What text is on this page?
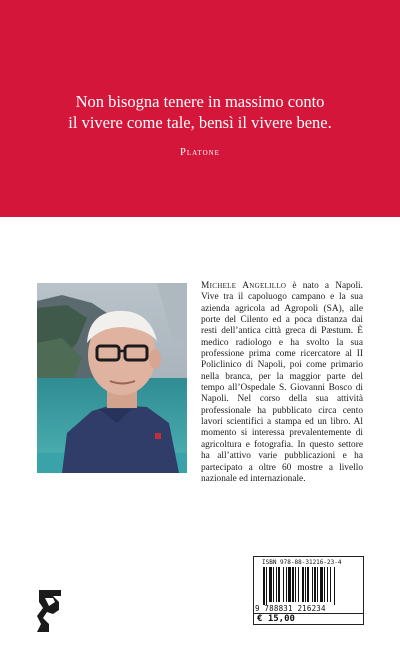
Non bisogna tenere in massimo conto
il vivere come tale, bensì il vivere bene.
Platone
Michele Angelillo è nato a Napoli. Vive tra il capoluogo campano e la sua azienda agricola ad Agropoli (SA), alle porte del Cilento ed a poca distanza dai resti dell’antica città greca di Pæstum. È medico radiologo e ha svolto la sua professione prima come ricercatore al II Policlinico di Napoli, poi come primario nella branca, per la maggior parte del tempo all’Ospedale S. Giovanni Bosco di Napoli. Nel corso della sua attività professionale ha pubblicato circa cento lavori scientifici a stampa ed un libro. Al momento si interessa prevalentemente di agricoltura e fotografia. In questo settore ha all’attivo varie pubblicazioni e ha partecipato a oltre 60 mostre a livello nazionale ed internazionale.
ISBN 978-88-31216-23-4
9 788831 216234
€ 15,00
